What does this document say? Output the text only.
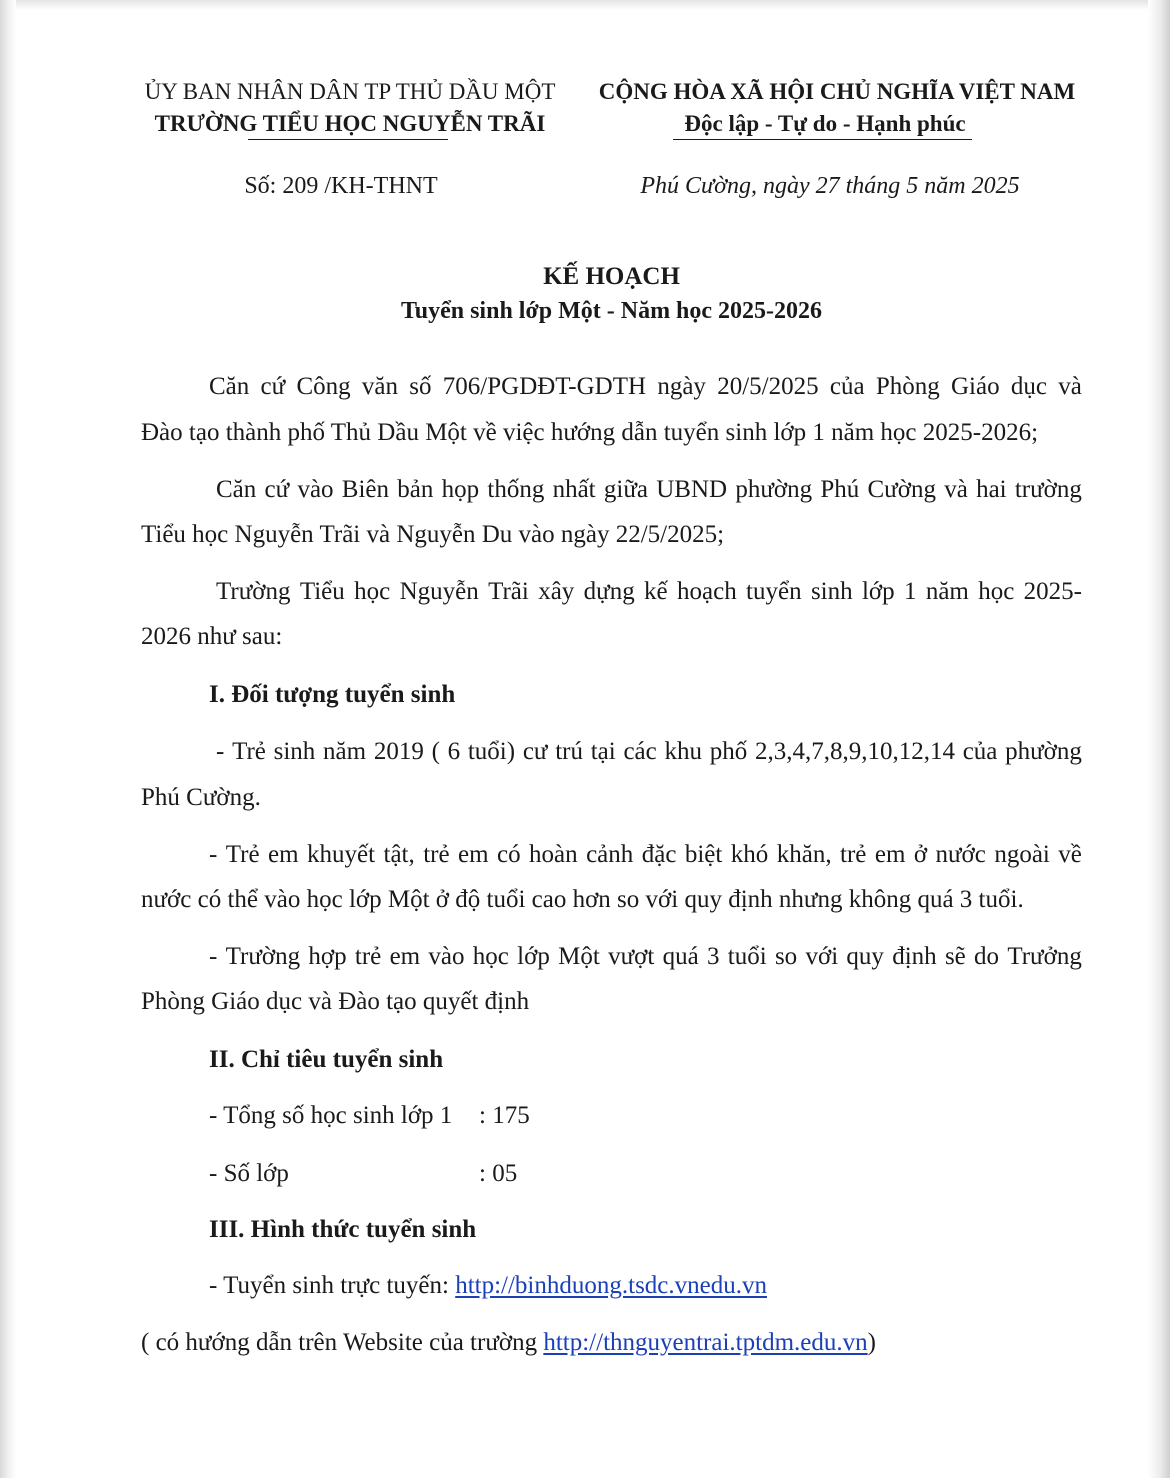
ỦY BAN NHÂN DÂN TP THỦ DẦU MỘT
TRƯỜNG TIỂU HỌC NGUYỄN TRÃI
CỘNG HÒA XÃ HỘI CHỦ NGHĨA VIỆT NAM
Độc lập - Tự do - Hạnh phúc
Số: 209 /KH-THNT	Phú Cường, ngày 27 tháng 5 năm 2025
KẾ HOẠCH
Tuyển sinh lớp Một - Năm học 2025-2026
Căn cứ Công văn số 706/PGDĐT-GDTH ngày 20/5/2025 của Phòng Giáo dục và
Đào tạo thành phố Thủ Dầu Một về việc hướng dẫn tuyển sinh lớp 1 năm học 2025-2026;
Căn cứ vào Biên bản họp thống nhất giữa UBND phường Phú Cường và hai trường
Tiểu học Nguyễn Trãi và Nguyễn Du vào ngày 22/5/2025;
Trường Tiểu học Nguyễn Trãi xây dựng kế hoạch tuyển sinh lớp 1 năm học 2025-
2026 như sau:
I. Đối tượng tuyển sinh
- Trẻ sinh năm 2019 ( 6 tuổi) cư trú tại các khu phố 2,3,4,7,8,9,10,12,14 của phường
Phú Cường.
- Trẻ em khuyết tật, trẻ em có hoàn cảnh đặc biệt khó khăn, trẻ em ở nước ngoài về
nước có thể vào học lớp Một ở độ tuổi cao hơn so với quy định nhưng không quá 3 tuổi.
- Trường hợp trẻ em vào học lớp Một vượt quá 3 tuổi so với quy định sẽ do Trưởng
Phòng Giáo dục và Đào tạo quyết định
II. Chỉ tiêu tuyển sinh
- Tổng số học sinh lớp 1 : 175
- Số lớp	: 05
III. Hình thức tuyển sinh
- Tuyển sinh trực tuyến: http://binhduong.tsdc.vnedu.vn
( có hướng dẫn trên Website của trường http://thnguyentrai.tptdm.edu.vn)
